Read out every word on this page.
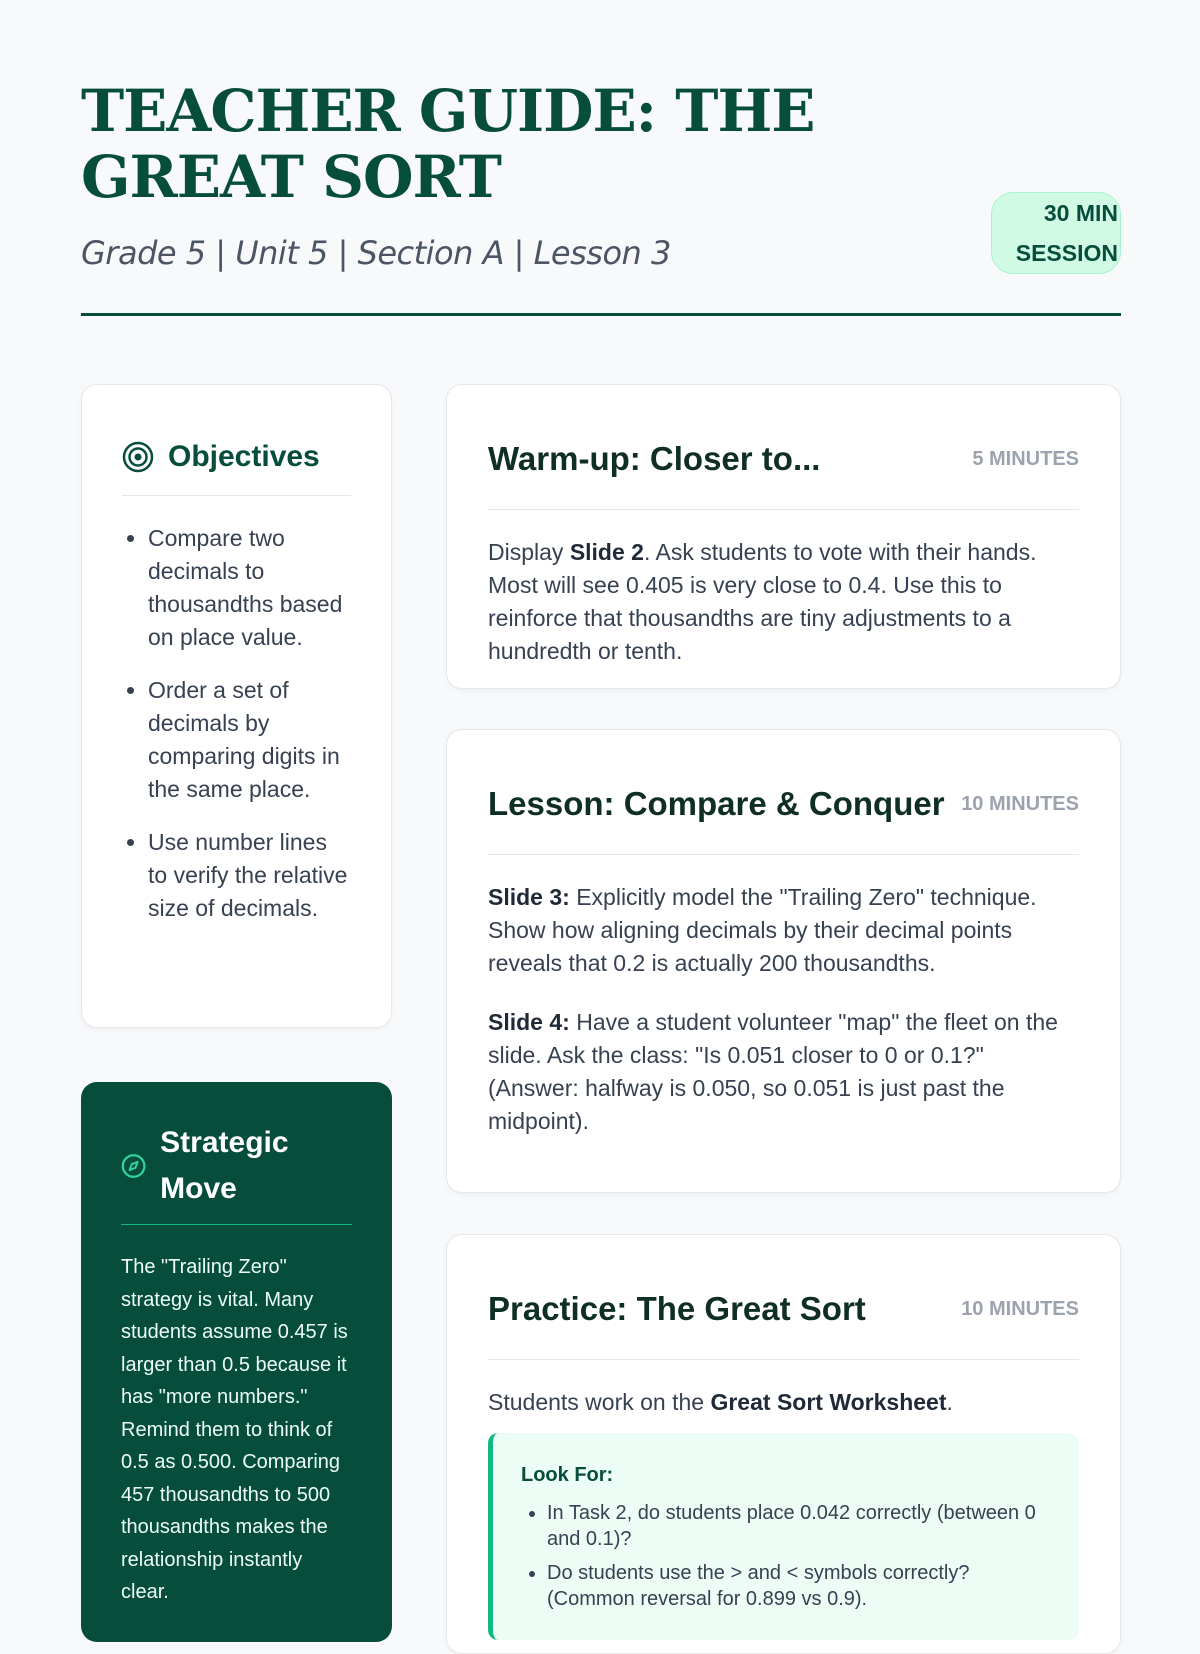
TEACHER GUIDE: THE GREAT SORT
Grade 5 | Unit 5 | Section A | Lesson 3
30 MIN SESSION
Objectives
• Compare two decimals to thousandths based on place value.
• Order a set of decimals by comparing digits in the same place.
• Use number lines to verify the relative size of decimals.
Strategic Move
The "Trailing Zero" strategy is vital. Many students assume 0.457 is larger than 0.5 because it has "more numbers." Remind them to think of 0.5 as 0.500. Comparing 457 thousandths to 500 thousandths makes the relationship instantly clear.
Warm-up: Closer to...	5 MINUTES
Display Slide 2. Ask students to vote with their hands. Most will see 0.405 is very close to 0.4. Use this to reinforce that thousandths are tiny adjustments to a hundredth or tenth.
Lesson: Compare & Conquer 10 MINUTES

Slide 3: Explicitly model the "Trailing Zero" technique. Show how aligning decimals by their decimal points reveals that 0.2 is actually 200 thousandths.

Slide 4: Have a student volunteer "map" the fleet on the slide. Ask the class: "Is 0.051 closer to 0 or 0.1?" (Answer: halfway is 0.050, so 0.051 is just past the midpoint).

Practice: The Great Sort	10 MINUTES
Students work on the Great Sort Worksheet.
Look For:
• In Task 2, do students place 0.042 correctly (between 0 and 0.1)?
• Do students use the > and < symbols correctly? (Common reversal for 0.899 vs 0.9).
